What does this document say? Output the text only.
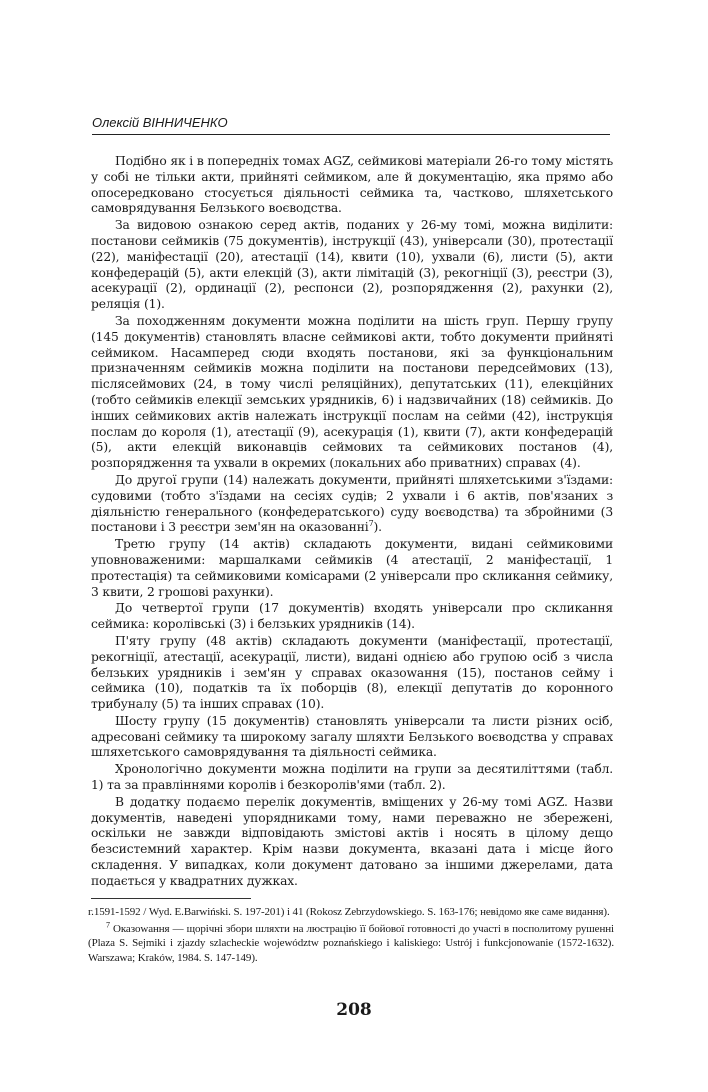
Олексій ВІННИЧЕНКО

Подібно як і в попередніх томах AGZ, сеймикові матеріали 26-го тому містять у собі не тільки акти, прийняті сеймиком, але й документацію, яка прямо або опосередковано стосується діяльності сеймика та, частково, шляхетського самоврядування Белзького воєводства.

За видовою ознакою серед актів, поданих у 26-му томі, можна виділити: постанови сеймиків (75 документів), інструкції (43), універсали (30), протестації (22), маніфестації (20), атестації (14), квити (10), ухвали (6), листи (5), акти конфедерацій (5), акти елекцій (3), акти лімітацій (3), рекогніції (3), реєстри (3), асекурації (2), ординації (2), респонси (2), розпорядження (2), рахунки (2), реляція (1).

За походженням документи можна поділити на шість груп. Першу групу (145 документів) становлять власне сеймикові акти, тобто документи прийняті сеймиком. Насамперед сюди входять постанови, які за функціональним призначенням сеймиків можна поділити на постанови передсеймових (13), післясеймових (24, в тому числі реляційних), депутатських (11), елекційних (тобто сеймиків елекції земських урядників, 6) і надзвичайних (18) сеймиків. До інших сеймикових актів належать інструкції послам на сейми (42), інструкція послам до короля (1), атестації (9), асекурація (1), квити (7), акти конфедерацій (5), акти елекцій виконавців сеймових та сеймикових постанов (4), розпорядження та ухвали в окремих (локальних або приватних) справах (4).

До другої групи (14) належать документи, прийняті шляхетськими з'їздами: судовими (тобто з'їздами на сесіях судів; 2 ухвали і 6 актів, пов'язаних з діяльністю генерального (конфедератського) суду воєводства) та збройними (3 постанови і 3 реєстри зем'ян на оказованні$^7$).

Третю групу (14 актів) складають документи, видані сеймиковими уповноваженими: маршалками сеймиків (4 атестації, 2 маніфестації, 1 протестація) та сеймиковими комісарами (2 універсали про скликання сеймику, 3 квити, 2 грошові рахунки).

До четвертої групи (17 документів) входять універсали про скликання сеймика: королівські (3) і белзьких урядників (14).

П'яту групу (48 актів) складають документи (маніфестації, протестації, рекогніції, атестації, асекурації, листи), видані однією або групою осіб з числа белзьких урядників і зем'ян у справах оказowання (15), постанов сейму і сеймика (10), податків та їх поборців (8), елекції депутатів до коронного трибуналу (5) та інших справах (10).

Шосту групу (15 документів) становлять універсали та листи різних осіб, адресовані сеймику та широкому загалу шляхти Белзького воєводства у справах шляхетського самоврядування та діяльності сеймика.

Хронологічно документи можна поділити на групи за десятиліттями (табл. 1) та за правліннями королів і безкоролів'ями (табл. 2).

В додатку подаємо перелік документів, вміщених у 26-му томі AGZ. Назви документів, наведені упорядниками тому, нами переважно не збережені, оскільки не завжди відповідають змістові актів і носять в цілому дещо безсистемний характер. Крім назви документа, вказані дата і місце його складення. У випадках, коли документ датовано за іншими джерелами, дата подається у квадратних дужках.

г.1591-1592 / Wyd. E.Barwiński. S. 197-201) і 41 (Rokosz Zebrzydowskiego. S. 163-176; невідомо яке саме видання).

$^7$ Оказowання — щорічні збори шляхти на люстрацію її бойової готовності до участі в посполитому рушенні (Plaza S. Sejmiki i zjazdy szlacheckie województw poznańskiego i kaliskiego: Ustrój i funkcjonowanie (1572-1632). Warszawa; Kraków, 1984. S. 147-149).

208
